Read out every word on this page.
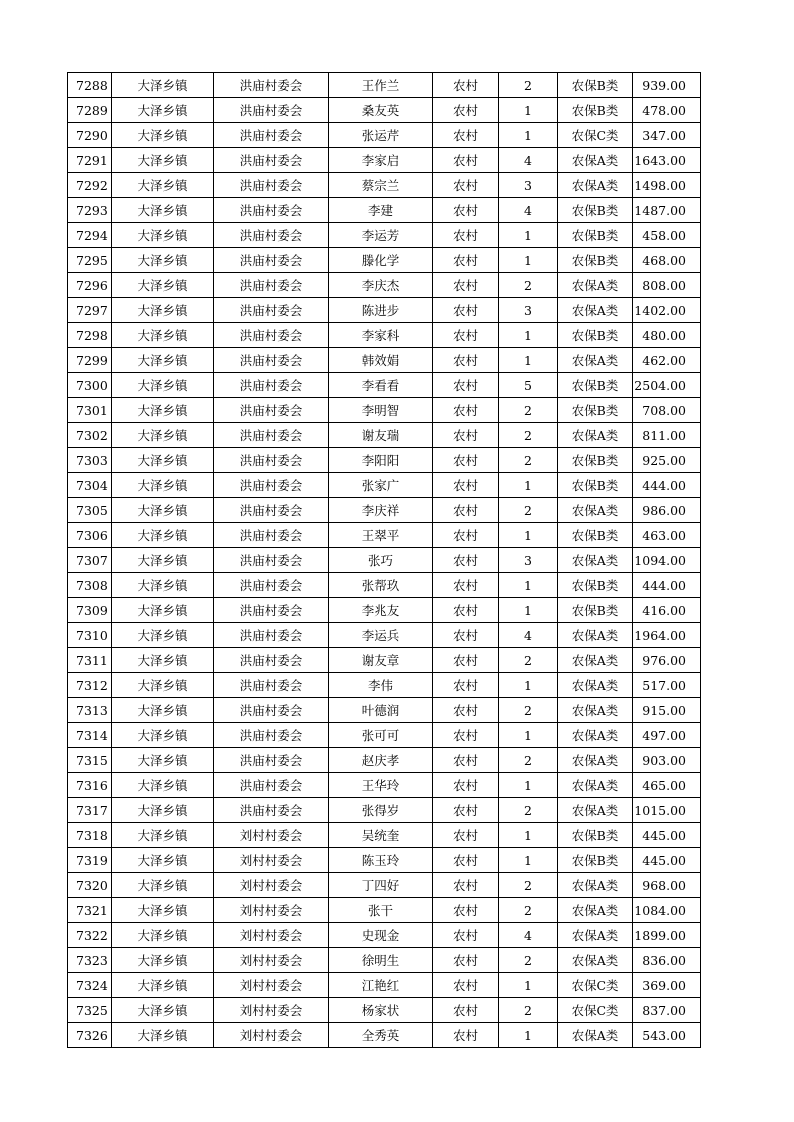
7288	大泽乡镇	洪庙村委会	王作兰	农村	2	农保B类	939.00
7289	大泽乡镇	洪庙村委会	桑友英	农村	1	农保B类	478.00
7290	大泽乡镇	洪庙村委会	张运芹	农村	1	农保C类	347.00
7291	大泽乡镇	洪庙村委会	李家启	农村	4	农保A类	1643.00
7292	大泽乡镇	洪庙村委会	蔡宗兰	农村	3	农保A类	1498.00
7293	大泽乡镇	洪庙村委会	李建	农村	4	农保B类	1487.00
7294	大泽乡镇	洪庙村委会	李运芳	农村	1	农保B类	458.00
7295	大泽乡镇	洪庙村委会	滕化学	农村	1	农保B类	468.00
7296	大泽乡镇	洪庙村委会	李庆杰	农村	2	农保A类	808.00
7297	大泽乡镇	洪庙村委会	陈进步	农村	3	农保A类	1402.00
7298	大泽乡镇	洪庙村委会	李家科	农村	1	农保B类	480.00
7299	大泽乡镇	洪庙村委会	韩效娟	农村	1	农保A类	462.00
7300	大泽乡镇	洪庙村委会	李看看	农村	5	农保B类	2504.00
7301	大泽乡镇	洪庙村委会	李明智	农村	2	农保B类	708.00
7302	大泽乡镇	洪庙村委会	谢友瑞	农村	2	农保A类	811.00
7303	大泽乡镇	洪庙村委会	李阳阳	农村	2	农保B类	925.00
7304	大泽乡镇	洪庙村委会	张家广	农村	1	农保B类	444.00
7305	大泽乡镇	洪庙村委会	李庆祥	农村	2	农保A类	986.00
7306	大泽乡镇	洪庙村委会	王翠平	农村	1	农保B类	463.00
7307	大泽乡镇	洪庙村委会	张巧	农村	3	农保A类	1094.00
7308	大泽乡镇	洪庙村委会	张帮玖	农村	1	农保B类	444.00
7309	大泽乡镇	洪庙村委会	李兆友	农村	1	农保B类	416.00
7310	大泽乡镇	洪庙村委会	李运兵	农村	4	农保A类	1964.00
7311	大泽乡镇	洪庙村委会	谢友章	农村	2	农保A类	976.00
7312	大泽乡镇	洪庙村委会	李伟	农村	1	农保A类	517.00
7313	大泽乡镇	洪庙村委会	叶德润	农村	2	农保A类	915.00
7314	大泽乡镇	洪庙村委会	张可可	农村	1	农保A类	497.00
7315	大泽乡镇	洪庙村委会	赵庆孝	农村	2	农保A类	903.00
7316	大泽乡镇	洪庙村委会	王华玲	农村	1	农保A类	465.00
7317	大泽乡镇	洪庙村委会	张得岁	农村	2	农保A类	1015.00
7318	大泽乡镇	刘村村委会	吴统奎	农村	1	农保B类	445.00
7319	大泽乡镇	刘村村委会	陈玉玲	农村	1	农保B类	445.00
7320	大泽乡镇	刘村村委会	丁四好	农村	2	农保A类	968.00
7321	大泽乡镇	刘村村委会	张干	农村	2	农保A类	1084.00
7322	大泽乡镇	刘村村委会	史现金	农村	4	农保A类	1899.00
7323	大泽乡镇	刘村村委会	徐明生	农村	2	农保A类	836.00
7324	大泽乡镇	刘村村委会	江艳红	农村	1	农保C类	369.00
7325	大泽乡镇	刘村村委会	杨家状	农村	2	农保C类	837.00
7326	大泽乡镇	刘村村委会	全秀英	农村	1	农保A类	543.00
